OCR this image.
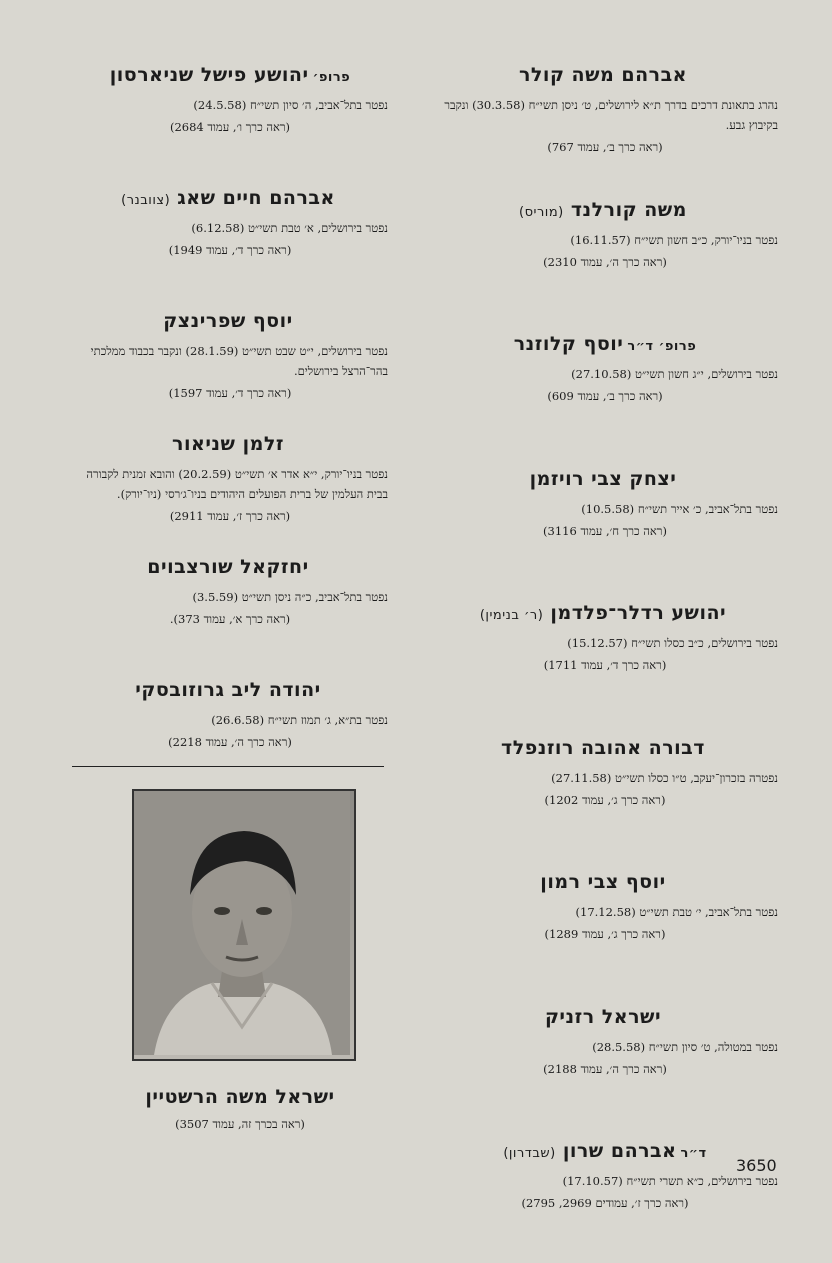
אברהם משה קולר
נהרג בתאונת דרכים בדרך ת״א לירושלים, ט׳ ניסן תשי״ח (30.3.58) ונקבר בקיבוץ גבע.
(ראה כרך ב׳, עמוד 767)
משה קורלנד (מוריס)
נפטר בניו־יורק, כ״ב חשון תשי״ח (16.11.57)
(ראה כרך ה׳, עמוד 2310)
פרופ׳ ד״ריוסף קלוזנר
נפטר בירושלים, י״ג חשון תשי״ט (27.10.58)
(ראה כרך ב׳, עמוד 609)
יצחק צבי רויזמן
נפטר בתל־אביב, כ׳ אייר תשי״ח (10.5.58)
(ראה כרך ח׳, עמוד 3116)
יהושע רדלר־פלדמן (ר׳ בנימין)
נפטר בירושלים, כ״ב כסלו תשי״ח (15.12.57)
(ראה כרך ד׳, עמוד 1711)
דבורה אהובה רוזנפלד
נפטרה בזכרון־יעקב, ט״ו כסלו תשי״ט (27.11.58)
(ראה כרך ג׳, עמוד 1202)
יוסף צבי רמון
נפטר בתל־אביב, י׳ טבת תשי״ט (17.12.58)
(ראה כרך ג׳, עמוד 1289)
ישראל רזניק
נפטר במטולה, ט׳ סיון תשי״ח (28.5.58)
(ראה כרך ה׳, עמוד 2188)
ד״ראברהם שרון (שבדרון)
נפטר בירושלים, כ״א תשרי תשי״ח (17.10.57)
(ראה כרך ז׳, עמודים 2969, 2795)
פרופ׳יהושע פישל שניארסון
נפטר בתל־אביב, ה׳ סיון תשי״ח (24.5.58)
(ראה כרך ו׳, עמוד 2684)
אברהם חיים שאג (צוובנר)
נפטר בירושלים, א׳ טבת תשי״ט (6.12.58)
(ראה כרך ד׳, עמוד 1949)
יוסף שפרינצק
נפטר בירושלים, י״ט שבט תשי״ט (28.1.59) ונקבר בכבוד ממלכתי בהר־הרצל בירושלים.
(ראה כרך ד׳, עמוד 1597)
זלמן שניאור
נפטר בניו־יורק, י״א אדר א׳ תשי״ט (20.2.59) והובא זמנית לקבורה בבית העלמין של ברית הפועלים היהודים בניו־ג׳רסי (ניו־יורק).
(ראה כרך ז׳, עמוד 2911)
יחזקאל שורצבוים
נפטר בתל־אביב, כ״ה ניסן תשי״ט (3.5.59)
(ראה כרך א׳, עמוד 373).
יהודה ליב גרוזובסקי
נפטר בת״א, ג׳ תמוז תשי״ח (26.6.58)
(ראה כרך ה׳, עמוד 2218)
ישראל משה הרשטיין
(ראה בכרך זה, עמוד 3507)
3650
